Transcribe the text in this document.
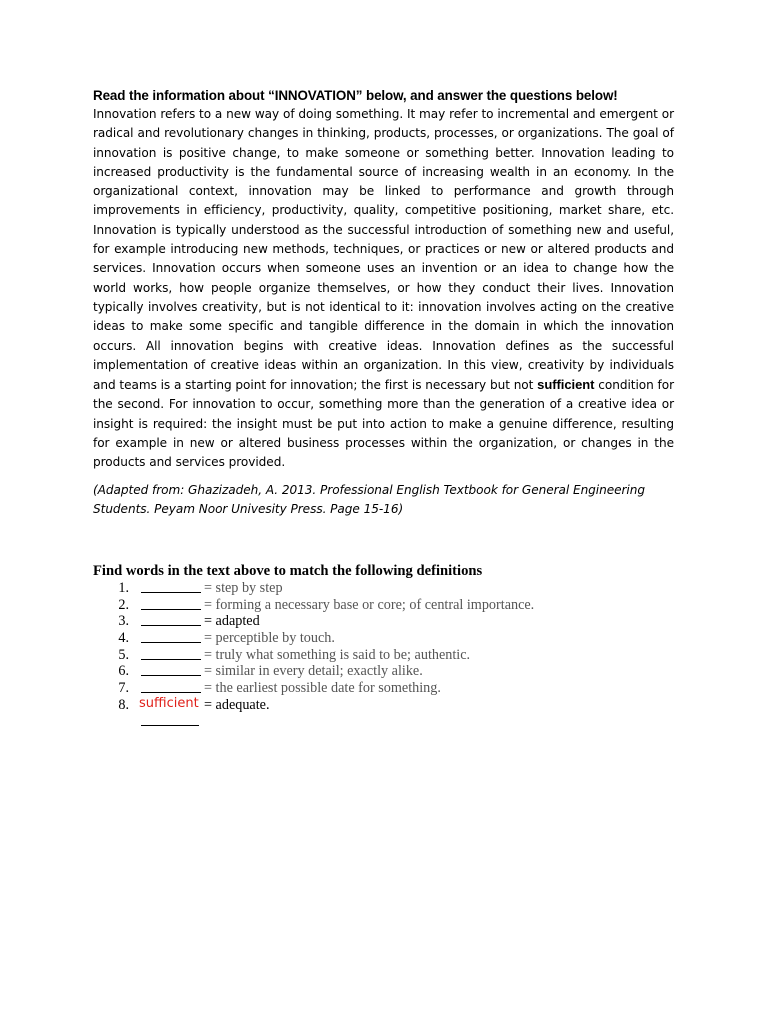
Read the information about “INNOVATION” below, and answer the questions below!

Innovation refers to a new way of doing something. It may refer to incremental and emergent or radical and revolutionary changes in thinking, products, processes, or organizations. The goal of innovation is positive change, to make someone or something better. Innovation leading to increased productivity is the fundamental source of increasing wealth in an economy. In the organizational context, innovation may be linked to performance and growth through improvements in efficiency, productivity, quality, competitive positioning, market share, etc. Innovation is typically understood as the successful introduction of something new and useful, for example introducing new methods, techniques, or practices or new or altered products and services. Innovation occurs when someone uses an invention or an idea to change how the world works, how people organize themselves, or how they conduct their lives. Innovation typically involves creativity, but is not identical to it: innovation involves acting on the creative ideas to make some specific and tangible difference in the domain in which the innovation occurs. All innovation begins with creative ideas. Innovation defines as the successful implementation of creative ideas within an organization. In this view, creativity by individuals and teams is a starting point for innovation; the first is necessary but not sufficient condition for the second. For innovation to occur, something more than the generation of a creative idea or insight is required: the insight must be put into action to make a genuine difference, resulting for example in new or altered business processes within the organization, or changes in the products and services provided.

(Adapted from: Ghazizadeh, A. 2013. Professional English Textbook for General Engineering Students. Peyam Noor Univesity Press. Page 15-16)

Find words in the text above to match the following definitions

1.	= step by step
2.	= forming a necessary base or core; of central importance.
3.	= adapted
4.	= perceptible by touch.
5.	= truly what something is said to be; authentic.
6.	= similar in every detail; exactly alike.
7.	= the earliest possible date for something.
8. sufficient = adequate.
